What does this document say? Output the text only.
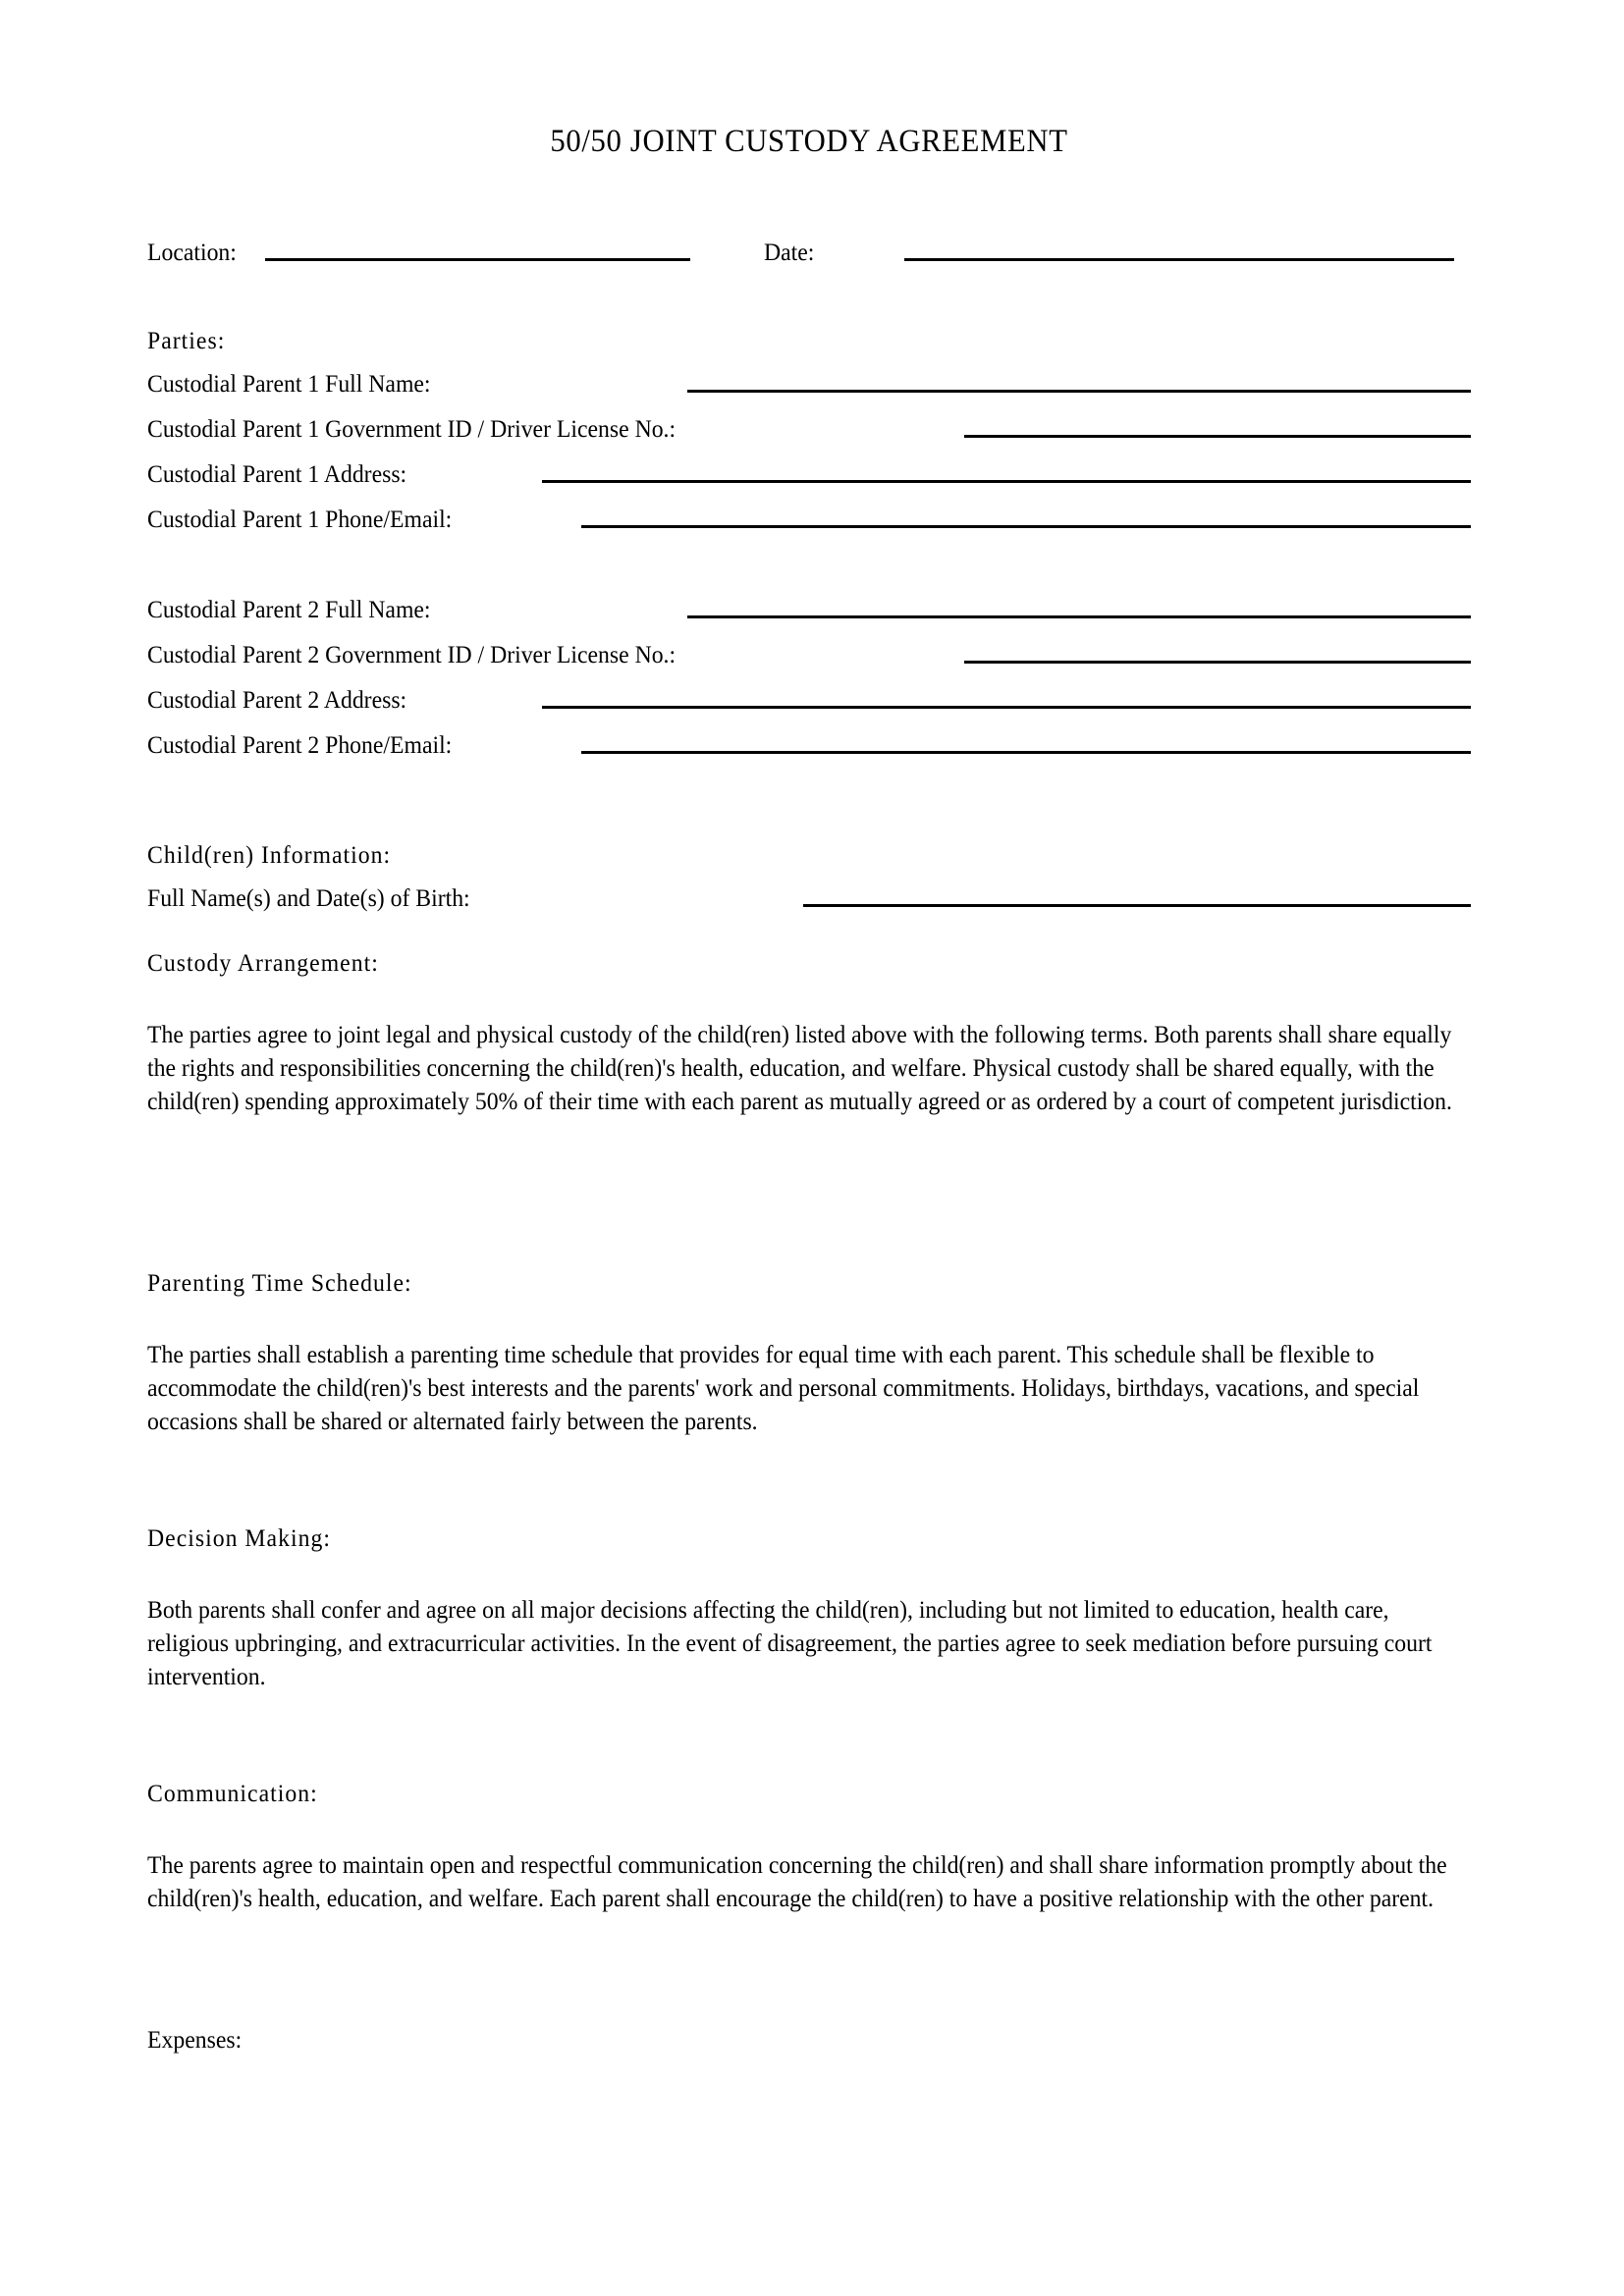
50/50 JOINT CUSTODY AGREEMENT
Location:	Date:
Parties:
Custodial Parent 1 Full Name:
Custodial Parent 1 Government ID / Driver License No.:
Custodial Parent 1 Address:
Custodial Parent 1 Phone/Email:
Custodial Parent 2 Full Name:
Custodial Parent 2 Government ID / Driver License No.:
Custodial Parent 2 Address:
Custodial Parent 2 Phone/Email:
Child(ren) Information:
Full Name(s) and Date(s) of Birth:
Custody Arrangement:

The parties agree to joint legal and physical custody of the child(ren) listed above with the following terms. Both parents shall share equally the rights and responsibilities concerning the child(ren)'s health, education, and welfare. Physical custody shall be shared equally, with the child(ren) spending approximately 50% of their time with each parent as mutually agreed or as ordered by a court of competent jurisdiction.

Parenting Time Schedule:

The parties shall establish a parenting time schedule that provides for equal time with each parent. This schedule shall be flexible to accommodate the child(ren)'s best interests and the parents' work and personal commitments. Holidays, birthdays, vacations, and special occasions shall be shared or alternated fairly between the parents.

Decision Making:

Both parents shall confer and agree on all major decisions affecting the child(ren), including but not limited to education, health care, religious upbringing, and extracurricular activities. In the event of disagreement, the parties agree to seek mediation before pursuing court intervention.

Communication:

The parents agree to maintain open and respectful communication concerning the child(ren) and shall share information promptly about the child(ren)'s health, education, and welfare. Each parent shall encourage the child(ren) to have a positive relationship with the other parent.

Expenses:
